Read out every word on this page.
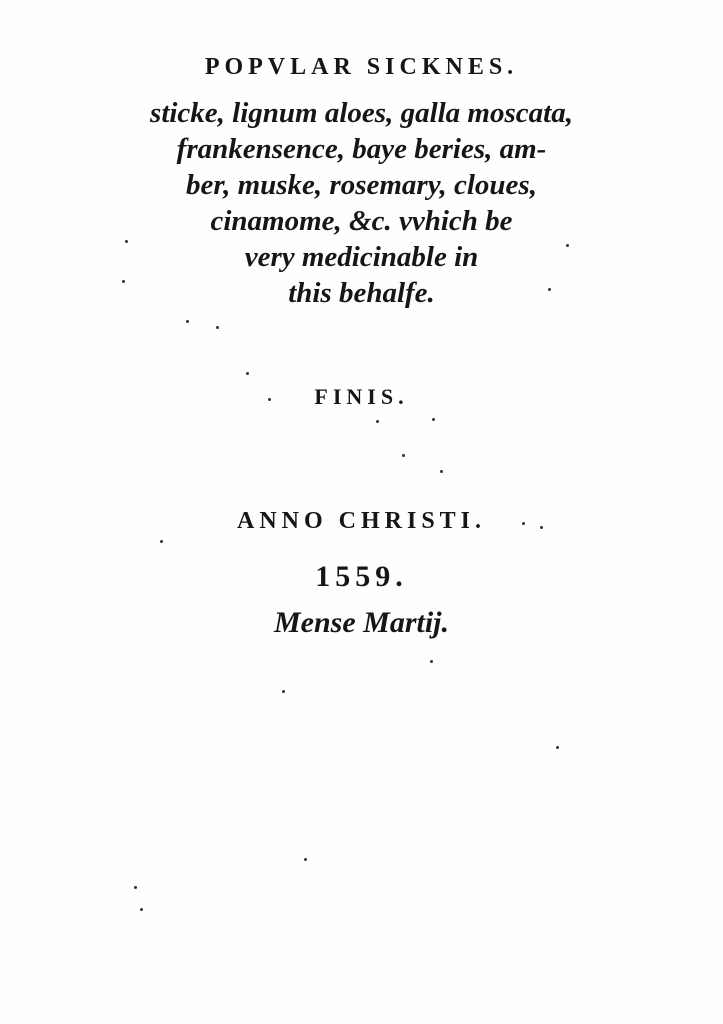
POPVLAR SICKNES.
sticke, lignum aloes, galla moscata,
frankensence, baye beries, am-
ber, muske, rosemary, cloues,
cinamome, &c. vvhich be
very medicinable in
this behalfe.
FINIS.
ANNO CHRISTI.
1559.
Mense Martij.
